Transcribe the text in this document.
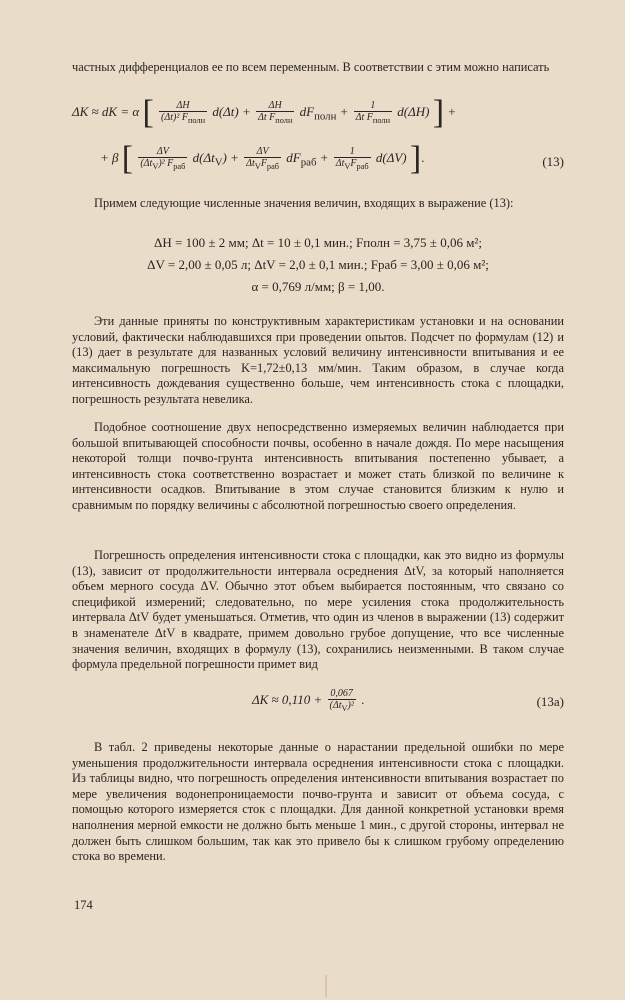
частных дифференциалов ее по всем переменным. В соответствии с этим можно написать

ΔK ≈ dK = α [ $\frac{\Delta H}{(\Delta t)^2 F_{полн}} d(\Delta t) + \frac{\Delta H}{\Delta t F_{полн}} dF_{полн} + \frac{1}{\Delta t F_{полн}} d(\Delta H)$ ] +
+ β [ $\frac{\Delta V}{(\Delta t_V)^2 F_{раб}} d(\Delta t_V) + \frac{\Delta V}{\Delta t_VF_{раб}} dF_{раб} + \frac{1}{\Delta t_VF_{раб}} d(\Delta V)$ ].	(13)

Примем следующие численные значения величин, входящих в выражение (13):

ΔH = 100 ± 2 мм; Δt = 10 ± 0,1 мин.; Fполн = 3,75 ± 0,06 м²;
ΔV = 2,00 ± 0,05 л; ΔtV = 2,0 ± 0,1 мин.; Fраб = 3,00 ± 0,06 м²;
α = 0,769 л/мм; β = 1,00.

Эти данные приняты по конструктивным характеристикам установки и на основании условий, фактически наблюдавшихся при проведении опытов. Подсчет по формулам (12) и (13) дает в результате для названных условий величину интенсивности впитывания и ее максимальную погрешность K=1,72±0,13 мм/мин. Таким образом, в случае когда интенсивность дождевания существенно больше, чем интенсивность стока с площадки, погрешность результата невелика.

Подобное соотношение двух непосредственно измеряемых величин наблюдается при большой впитывающей способности почвы, особенно в начале дождя. По мере насыщения некоторой толщи почво-грунта интенсивность впитывания постепенно убывает, а интенсивность стока соответственно возрастает и может стать близкой по величине к интенсивности осадков. Впитывание в этом случае становится близким к нулю и сравнимым по порядку величины с абсолютной погрешностью своего определения.

Погрешность определения интенсивности стока с площадки, как это видно из формулы (13), зависит от продолжительности интервала осреднения ΔtV, за который наполняется объем мерного сосуда ΔV. Обычно этот объем выбирается постоянным, что связано со спецификой измерений; следовательно, по мере усиления стока продолжительность интервала ΔtV будет уменьшаться. Отметив, что один из членов в выражении (13) содержит в знаменателе ΔtV в квадрате, примем довольно грубое допущение, что все численные значения величин, входящих в формулу (13), сохранились неизменными. В таком случае формула предельной погрешности примет вид

$\Delta K \approx 0,110 + \frac{0,067}{(\Delta t_V)^2}$ .	(13a)

В табл. 2 приведены некоторые данные о нарастании предельной ошибки по мере уменьшения продолжительности интервала осреднения интенсивности стока с площадки. Из таблицы видно, что погрешность определения интенсивности впитывания возрастает по мере увеличения водонепроницаемости почво-грунта и зависит от объема сосуда, с помощью которого измеряется сток с площадки. Для данной конкретной установки время наполнения мерной емкости не должно быть меньше 1 мин., с другой стороны, интервал не должен быть слишком большим, так как это привело бы к слишком грубому определению стока во времени.

174
